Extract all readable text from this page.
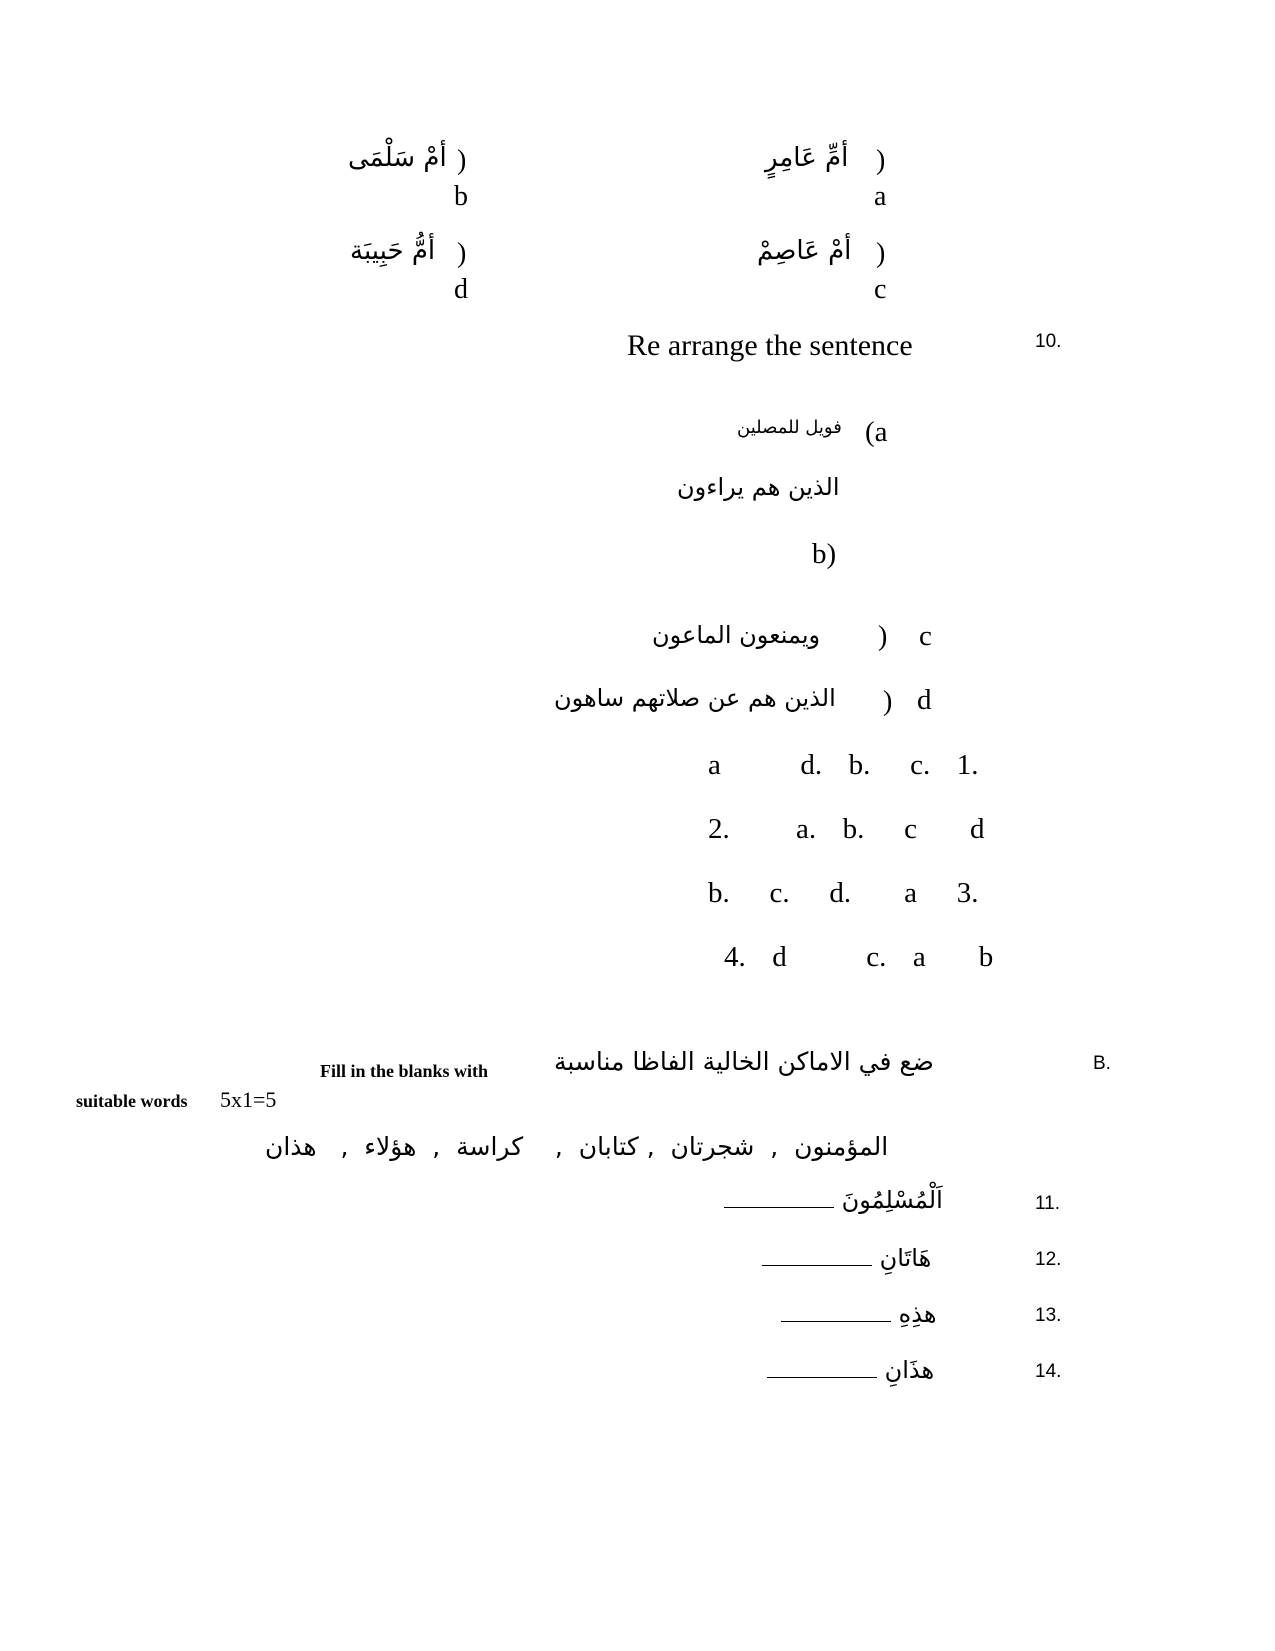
أمِّ عَامِرٍ )
a
أمْ سَلْمَى )
b
أمْ عَاصِمْ )
c
أمُّ حَبِيبَة )
d
Re arrange the sentence	10.
فويل للمصلين (a
الذين هم يراءون
b)
ويمنعون الماعون ) c
الذين هم عن صلاتهم ساهون ) d
a      d.  b.   c.  1.
2.     a.  b.   c    d
b.   c.   d.    a   3.
4.  d      c.  a    b
B.
ضع في الاماكن الخالية الفاظا مناسبة
Fill in the blanks with
suitable words 5x1=5
المؤمنون  ,  شجرتان  , كتابان  ,    كراسة  ,  هؤلاء  ,   هذان
11.
اَلْمُسْلِمُونَ
12.
هَاتَانِ
13.
هذِهِ
14.
هذَانِ
